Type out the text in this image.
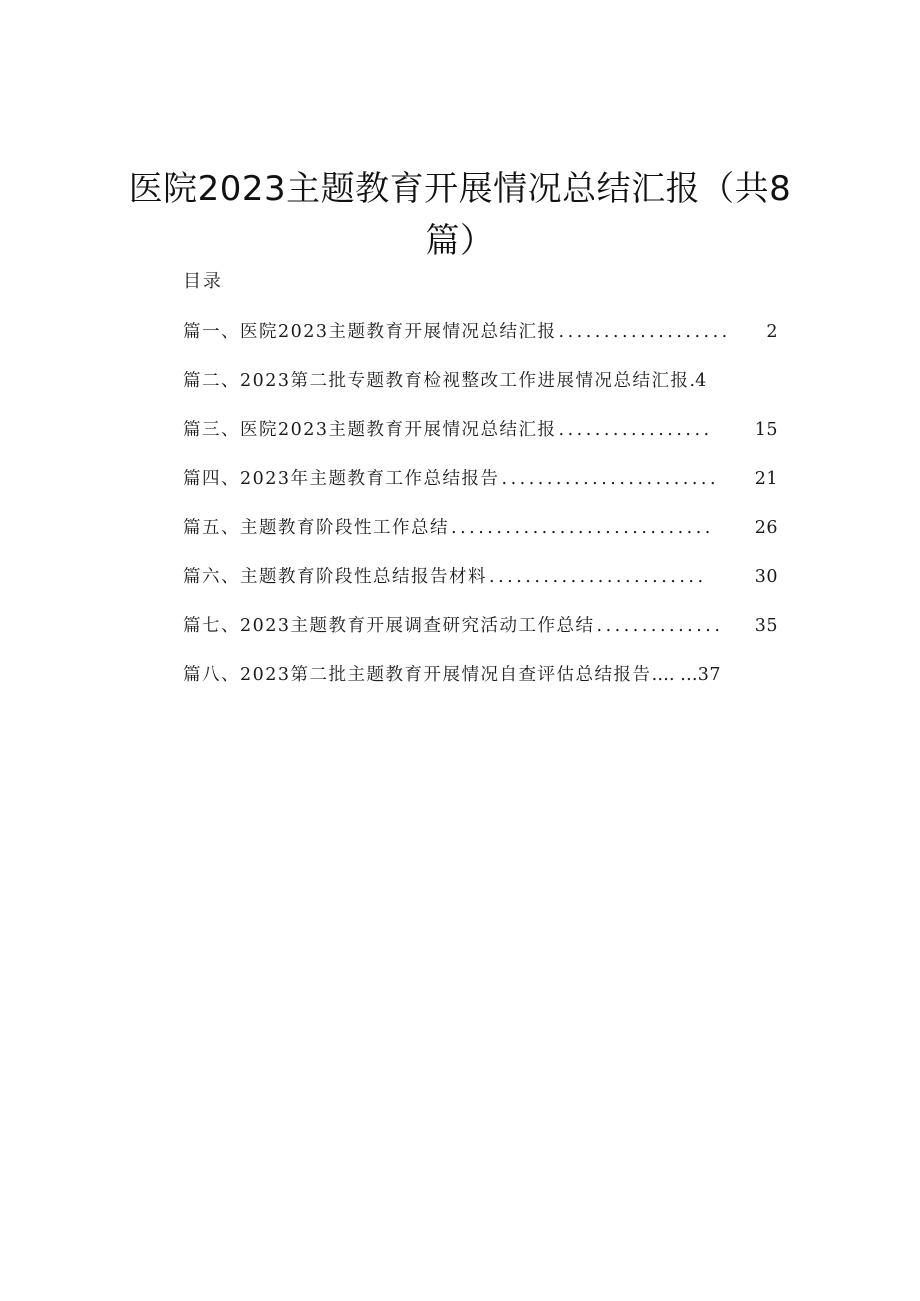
医院2023主题教育开展情况总结汇报（共8篇）
目录
篇一、医院2023主题教育开展情况总结汇报 ...................	2
篇二、2023第二批专题教育检视整改工作进展情况总结汇报 . 4
篇三、医院2023主题教育开展情况总结汇报 .................	15
篇四、2023年主题教育工作总结报告 ........................	21
篇五、主题教育阶段性工作总结 .............................	26
篇六、主题教育阶段性总结报告材料 ........................	30
篇七、2023主题教育开展调查研究活动工作总结 ..............	35
篇八、2023第二批主题教育开展情况自查评估总结报告 …. … 37
